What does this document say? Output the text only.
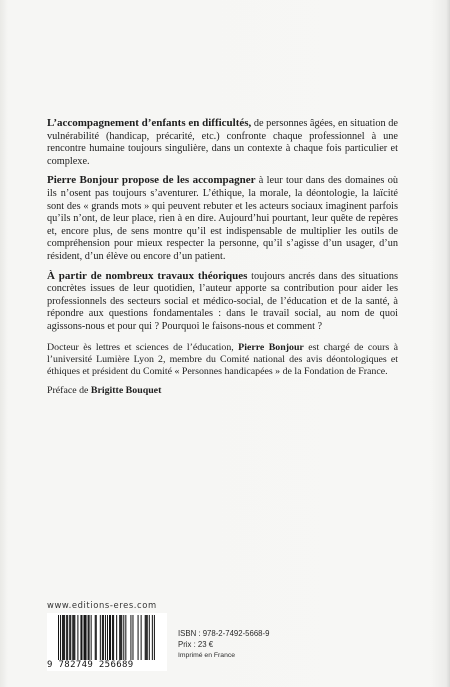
L’accompagnement d’enfants en difficultés, de personnes âgées, en situation de vulnérabilité (handicap, précarité, etc.) confronte chaque professionnel à une rencontre humaine toujours singulière, dans un contexte à chaque fois particulier et complexe.

Pierre Bonjour propose de les accompagner à leur tour dans des domaines où ils n’osent pas toujours s’aventurer. L’éthique, la morale, la déontologie, la laïcité sont des « grands mots » qui peuvent rebuter et les acteurs sociaux imaginent parfois qu’ils n’ont, de leur place, rien à en dire. Aujourd’hui pourtant, leur quête de repères et, encore plus, de sens montre qu’il est indispensable de multiplier les outils de compréhension pour mieux respecter la personne, qu’il s’agisse d’un usager, d’un résident, d’un élève ou encore d’un patient.

À partir de nombreux travaux théoriques toujours ancrés dans des situations concrètes issues de leur quotidien, l’auteur apporte sa contribution pour aider les professionnels des secteurs social et médico-social, de l’éducation et de la santé, à répondre aux questions fondamentales : dans le travail social, au nom de quoi agissons-nous et pour qui ? Pourquoi le faisons-nous et comment ?

Docteur ès lettres et sciences de l’éducation, Pierre Bonjour est chargé de cours à l’université Lumière Lyon 2, membre du Comité national des avis déontologiques et éthiques et président du Comité « Personnes handicapées » de la Fondation de France.

Préface de Brigitte Bouquet

www.editions-eres.com
9 782749 256689
ISBN : 978-2-7492-5668-9
Prix : 23 €
Imprimé en France
